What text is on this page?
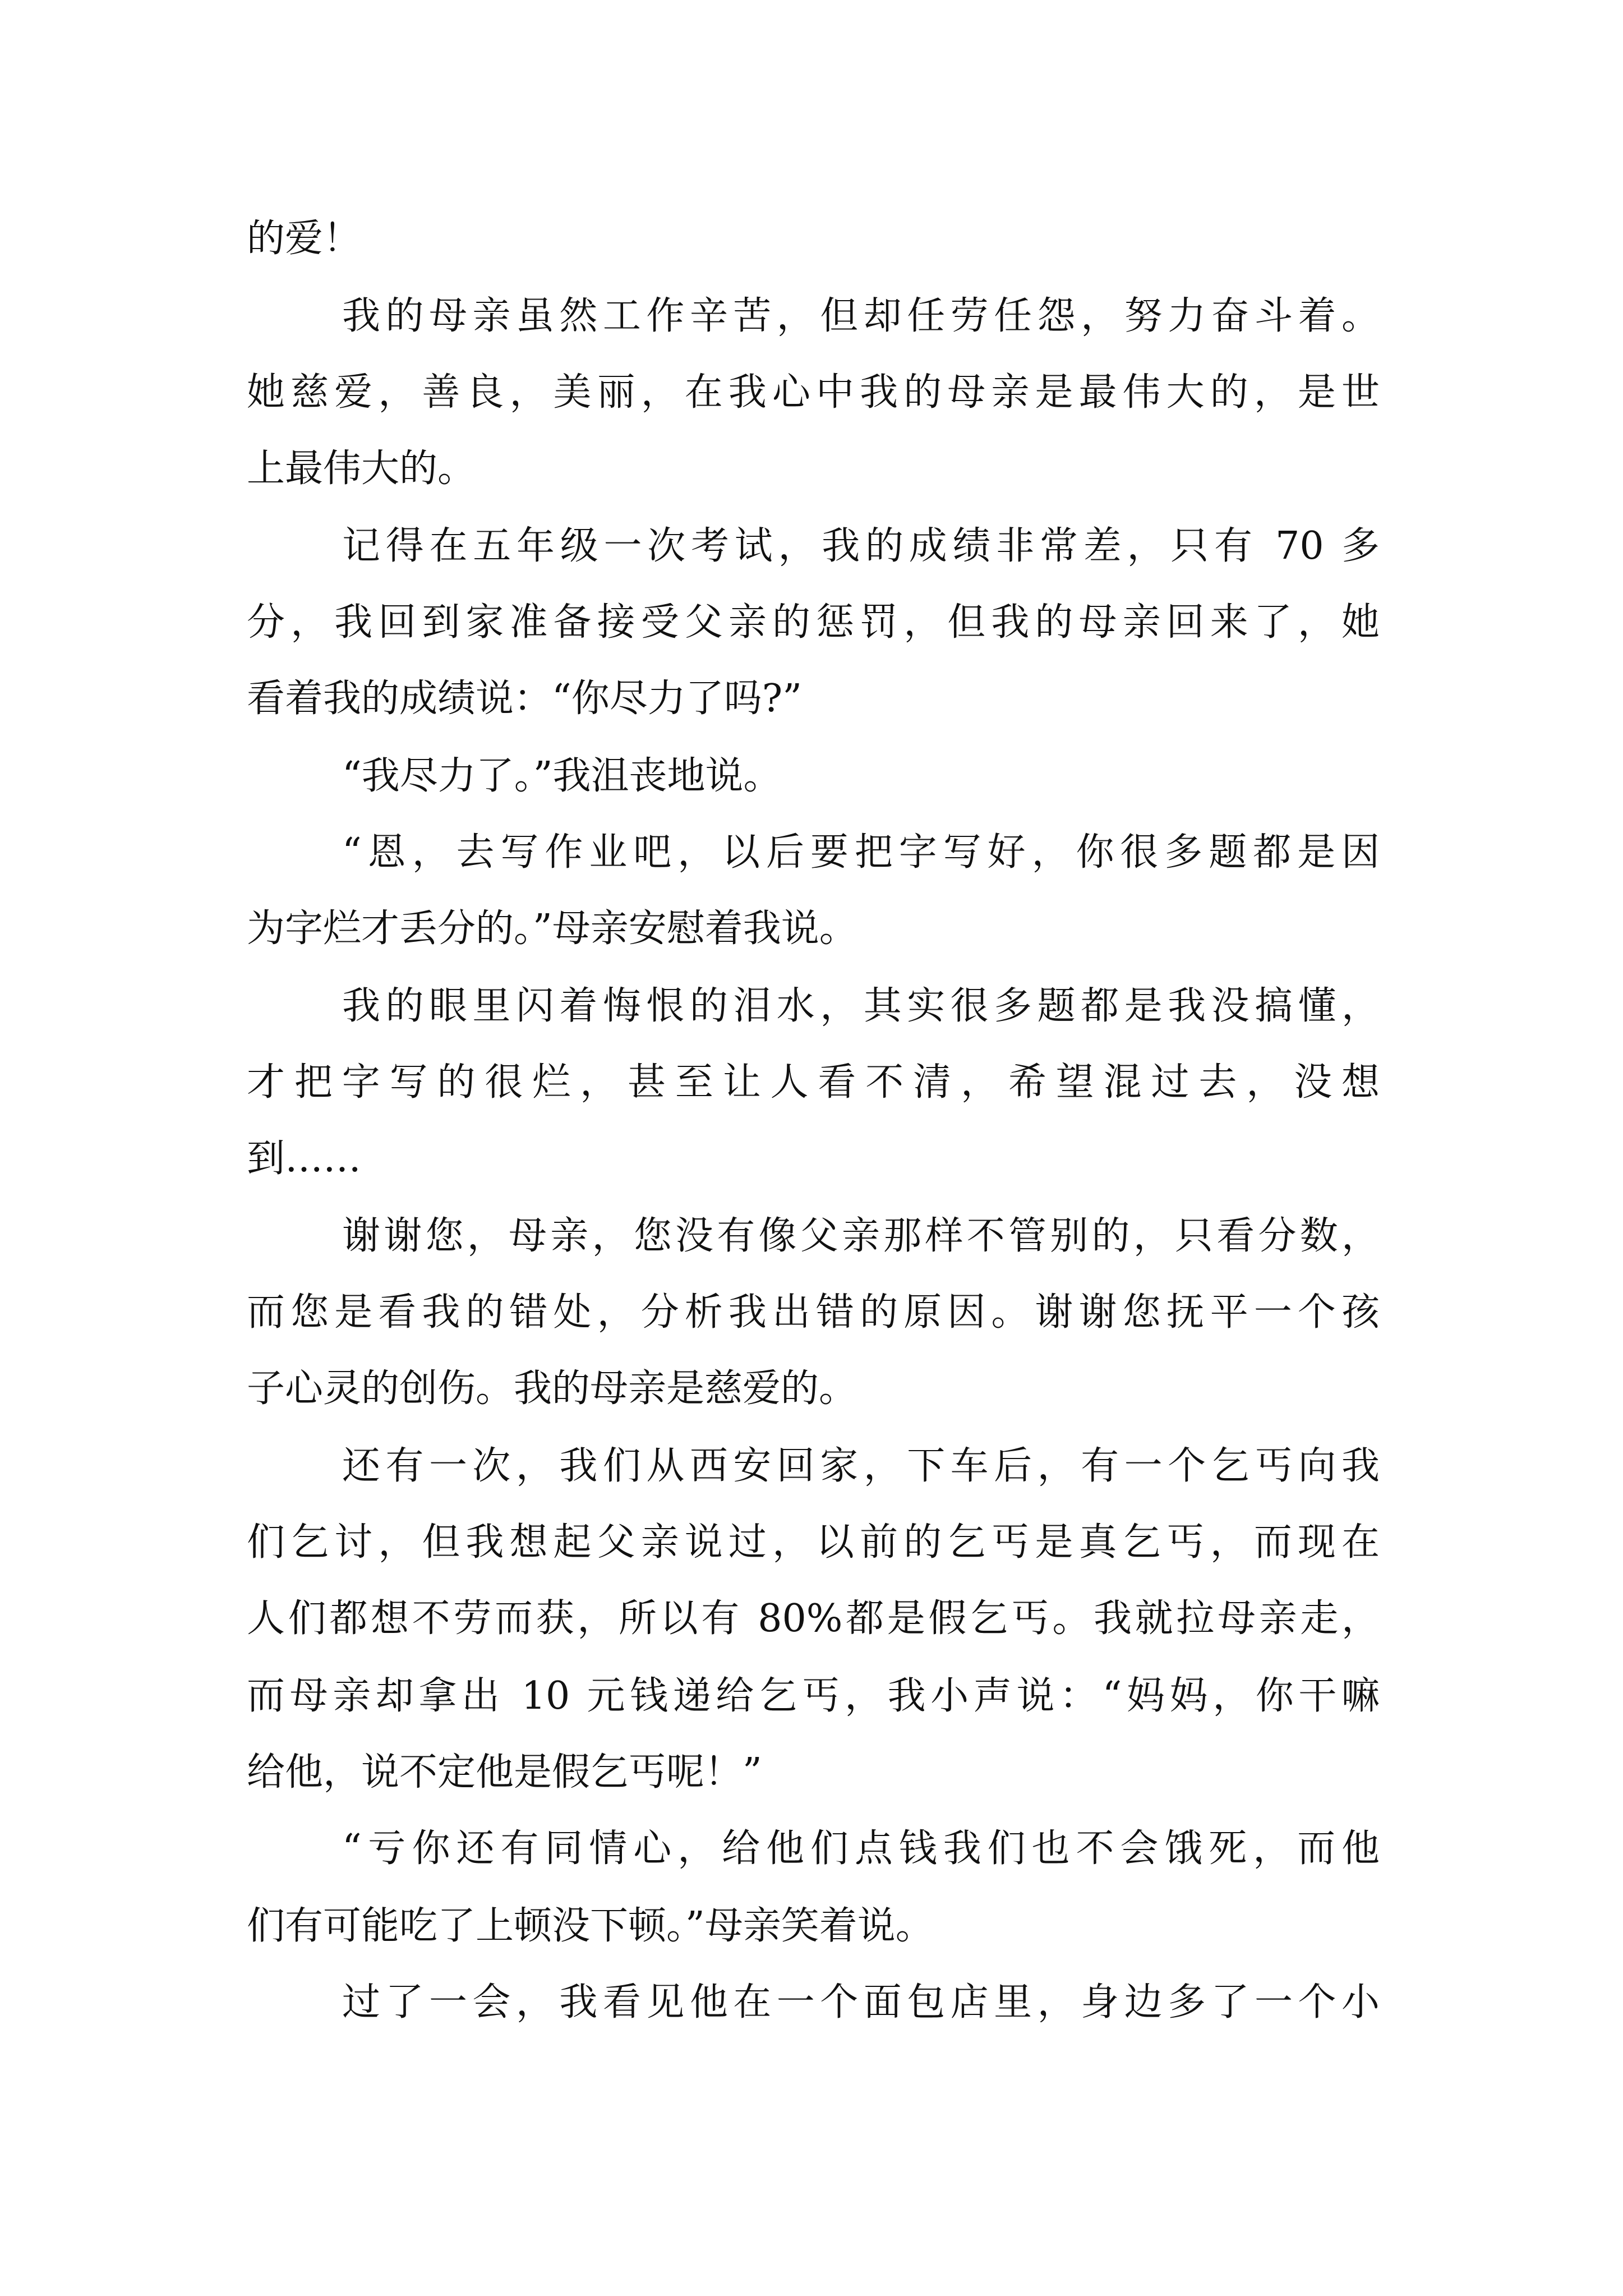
的爱！
我的母亲虽然工作辛苦，但却任劳任怨，努力奋斗着。
她慈爱，善良，美丽，在我心中我的母亲是最伟大的，是世
上最伟大的。
记得在五年级一次考试，我的成绩非常差，只有 70 多
分，我回到家准备接受父亲的惩罚，但我的母亲回来了，她
看着我的成绩说：“你尽力了吗?”
“我尽力了。”我沮丧地说。
“恩，去写作业吧，以后要把字写好，你很多题都是因
为字烂才丢分的。”母亲安慰着我说。
我的眼里闪着悔恨的泪水，其实很多题都是我没搞懂，
才把字写的很烂，甚至让人看不清，希望混过去，没想
到……
谢谢您，母亲，您没有像父亲那样不管别的，只看分数，
而您是看我的错处，分析我出错的原因。谢谢您抚平一个孩
子心灵的创伤。我的母亲是慈爱的。
还有一次，我们从西安回家，下车后，有一个乞丐向我
们乞讨，但我想起父亲说过，以前的乞丐是真乞丐，而现在
人们都想不劳而获，所以有 80%都是假乞丐。我就拉母亲走，
而母亲却拿出 10 元钱递给乞丐，我小声说：“妈妈，你干嘛
给他，说不定他是假乞丐呢！”
“亏你还有同情心，给他们点钱我们也不会饿死，而他
们有可能吃了上顿没下顿。”母亲笑着说。
过了一会，我看见他在一个面包店里，身边多了一个小
